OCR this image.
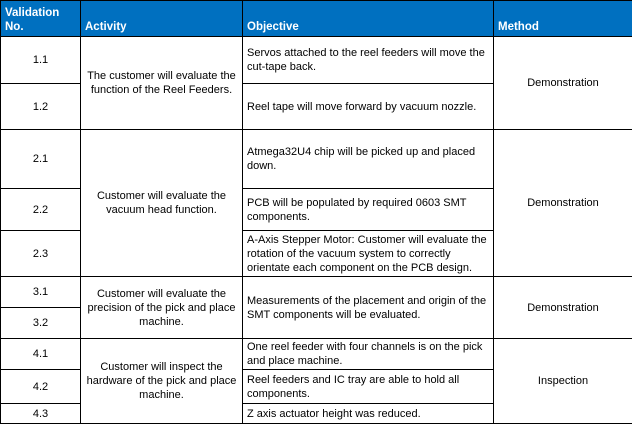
Validation
No.	Activity	Objective	Method
1.1	The customer will evaluate the function of the Reel Feeders.	Servos attached to the reel feeders will move the cut-tape back.	Demonstration
1.2		Reel tape will move forward by vacuum nozzle.	
2.1	Customer will evaluate the vacuum head function.	Atmega32U4 chip will be picked up and placed down.	Demonstration
2.2		PCB will be populated by required 0603 SMT components.	
2.3		A-Axis Stepper Motor: Customer will evaluate the rotation of the vacuum system to correctly orientate each component on the PCB design.	
3.1	Customer will evaluate the precision of the pick and place machine.	Measurements of the placement and origin of the SMT components will be evaluated.	Demonstration
3.2			
4.1	Customer will inspect the hardware of the pick and place machine.	One reel feeder with four channels is on the pick and place machine.	Inspection
4.2		Reel feeders and IC tray are able to hold all components.	
4.3		Z axis actuator height was reduced.	
